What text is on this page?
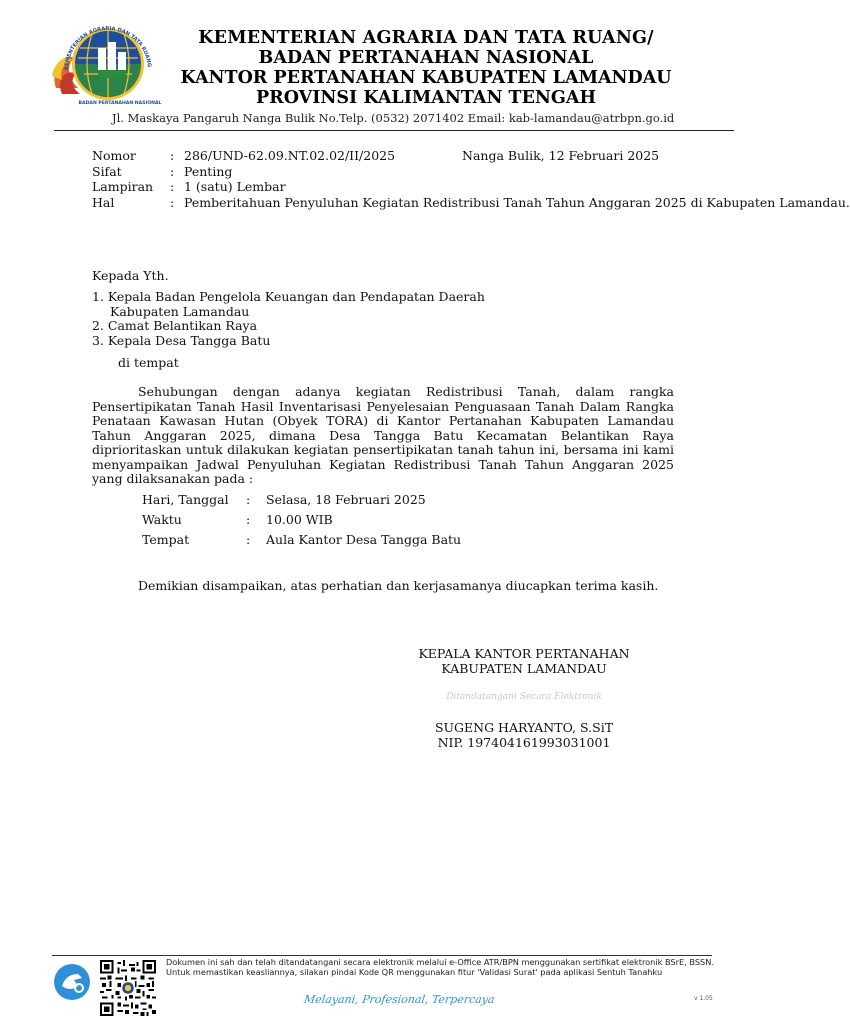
KEMENTERIAN AGRARIA DAN TATA RUANG
BADAN PERTANAHAN NASIONAL
KEMENTERIAN AGRARIA DAN TATA RUANG/
BADAN PERTANAHAN NASIONAL
KANTOR PERTANAHAN KABUPATEN LAMANDAU
PROVINSI KALIMANTAN TENGAH
Jl. Maskaya Pangaruh Nanga Bulik No.Telp. (0532) 2071402 Email: kab-lamandau@atrbpn.go.id
Nomor	: 286/UND-62.09.NT.02.02/II/2025
Sifat	: Penting
Lampiran : 1 (satu) Lembar
Hal	: Pemberitahuan Penyuluhan Kegiatan Redistribusi Tanah Tahun Anggaran 2025 di Kabupaten Lamandau.
Nanga Bulik, 12 Februari 2025
Kepada Yth.
1. Kepala Badan Pengelola Keuangan dan Pendapatan Daerah
Kabupaten Lamandau
2. Camat Belantikan Raya
3. Kepala Desa Tangga Batu
di tempat
Sehubungan dengan adanya kegiatan Redistribusi Tanah, dalam rangka Pensertipikatan Tanah Hasil Inventarisasi Penyelesaian Penguasaan Tanah Dalam Rangka Penataan Kawasan Hutan (Obyek TORA) di Kantor Pertanahan Kabupaten Lamandau Tahun Anggaran 2025, dimana Desa Tangga Batu Kecamatan Belantikan Raya diprioritaskan untuk dilakukan kegiatan pensertipikatan tanah tahun ini, bersama ini kami menyampaikan Jadwal Penyuluhan Kegiatan Redistribusi Tanah Tahun Anggaran 2025 yang dilaksanakan pada :
Hari, Tanggal : Selasa, 18 Februari 2025
Waktu	: 10.00 WIB
Tempat	: Aula Kantor Desa Tangga Batu
Demikian disampaikan, atas perhatian dan kerjasamanya diucapkan terima kasih.
KEPALA KANTOR PERTANAHAN
KABUPATEN LAMANDAU
Ditandatangani Secara Elektronik
SUGENG HARYANTO, S.SiT
NIP. 197404161993031001
Dokumen ini sah dan telah ditandatangani secara elektronik melalui e-Office ATR/BPN menggunakan sertifikat elektronik BSrE, BSSN. Untuk memastikan keasliannya, silakan pindai Kode QR menggunakan fitur 'Validasi Surat' pada aplikasi Sentuh Tanahku
Melayani, Profesional, Terpercaya	v 1.05
